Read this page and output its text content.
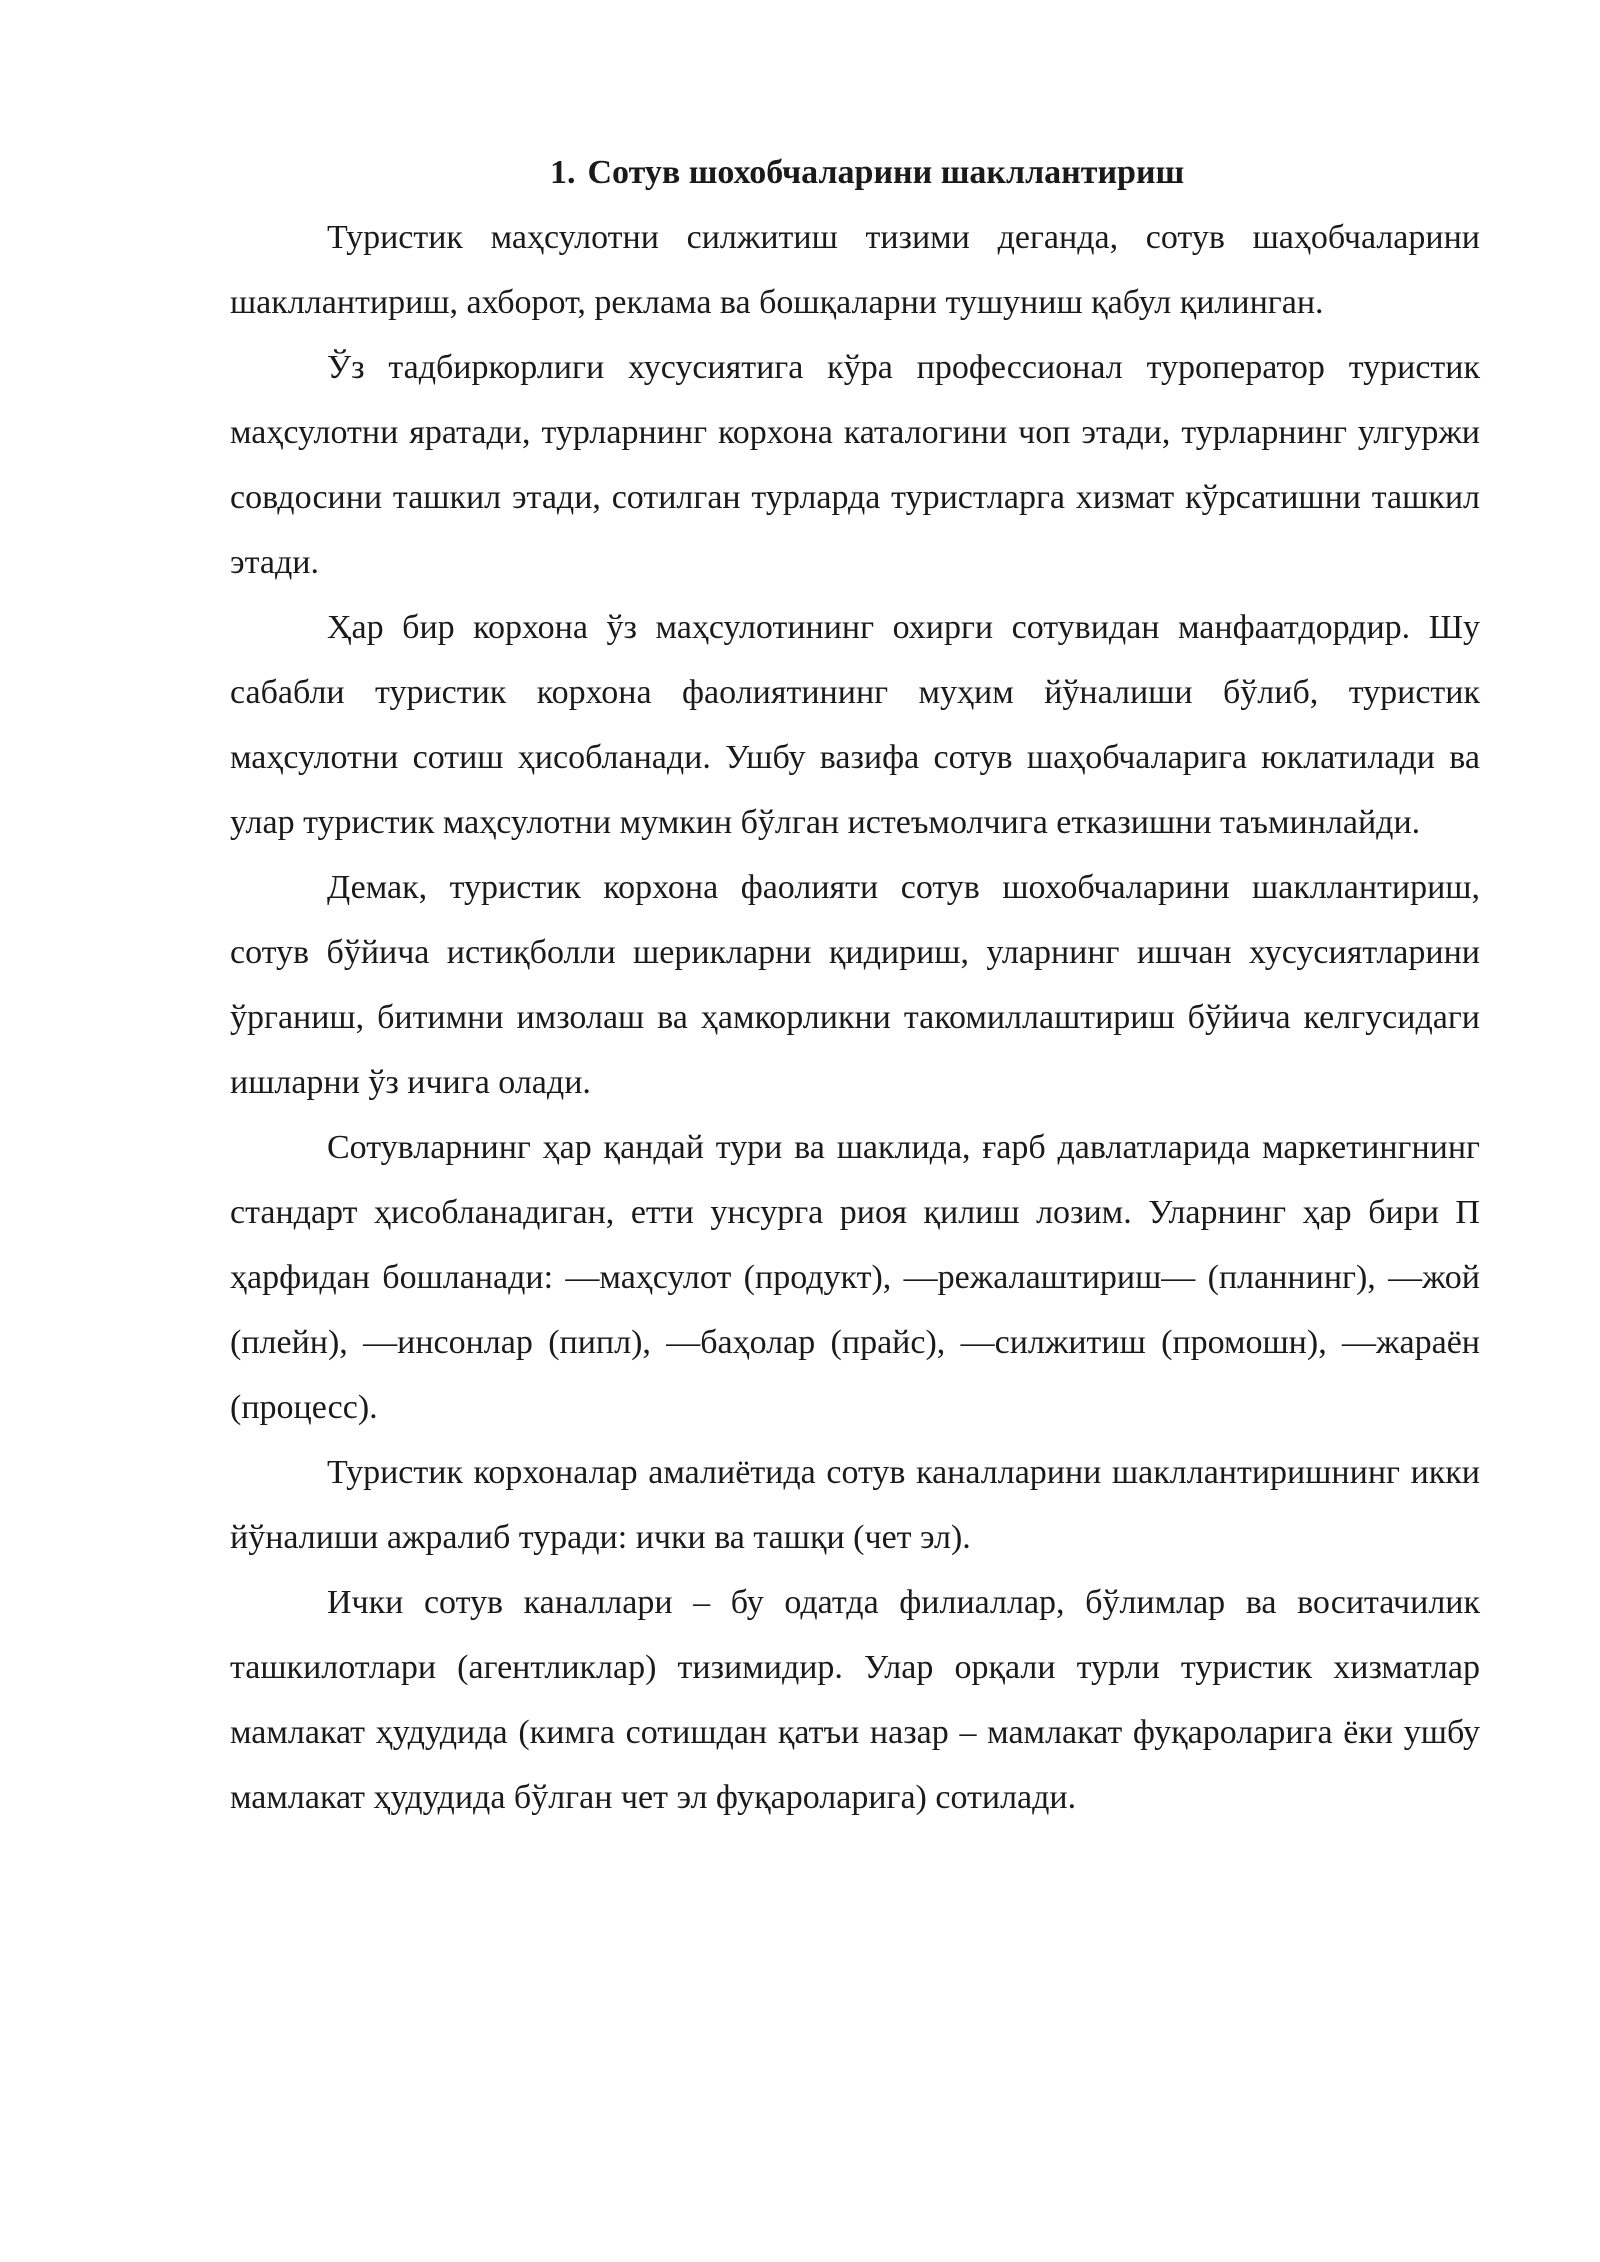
1. Сотув шохобчаларини шакллантириш

Туристик маҳсулотни силжитиш тизими деганда, сотув шаҳобчаларини шакллантириш, ахборот, реклама ва бошқаларни тушуниш қабул қилинган.

Ўз тадбиркорлиги хусусиятига кўра профессионал туроператор туристик маҳсулотни яратади, турларнинг корхона каталогини чоп этади, турларнинг улгуржи совдосини ташкил этади, сотилган турларда туристларга хизмат кўрсатишни ташкил этади.

Ҳар бир корхона ўз маҳсулотининг охирги сотувидан манфаатдордир. Шу сабабли туристик корхона фаолиятининг муҳим йўналиши бўлиб, туристик маҳсулотни сотиш ҳисобланади. Ушбу вазифа сотув шаҳобчаларига юклатилади ва улар туристик маҳсулотни мумкин бўлган истеъмолчига етказишни таъминлайди.

Демак, туристик корхона фаолияти сотув шохобчаларини шакллантириш, сотув бўйича истиқболли шерикларни қидириш, уларнинг ишчан хусусиятларини ўрганиш, битимни имзолаш ва ҳамкорликни такомиллаштириш бўйича келгусидаги ишларни ўз ичига олади.

Сотувларнинг ҳар қандай тури ва шаклида, ғарб давлатларида маркетингнинг стандарт ҳисобланадиган, етти унсурга риоя қилиш лозим. Уларнинг ҳар бири П ҳарфидан бошланади: ―маҳсулот (продукт), ―режалаштириш― (планнинг), ―жой (плейн), ―инсонлар (пипл), ―баҳолар (прайс), ―силжитиш (промошн), ―жараён (процесс).

Туристик корхоналар амалиётида сотув каналларини шакллантиришнинг икки йўналиши ажралиб туради: ички ва ташқи (чет эл).

Ички сотув каналлари – бу одатда филиаллар, бўлимлар ва воситачилик ташкилотлари (агентликлар) тизимидир. Улар орқали турли туристик хизматлар мамлакат ҳудудида (кимга сотишдан қатъи назар – мамлакат фуқароларига ёки ушбу мамлакат ҳудудида бўлган чет эл фуқароларига) сотилади.
